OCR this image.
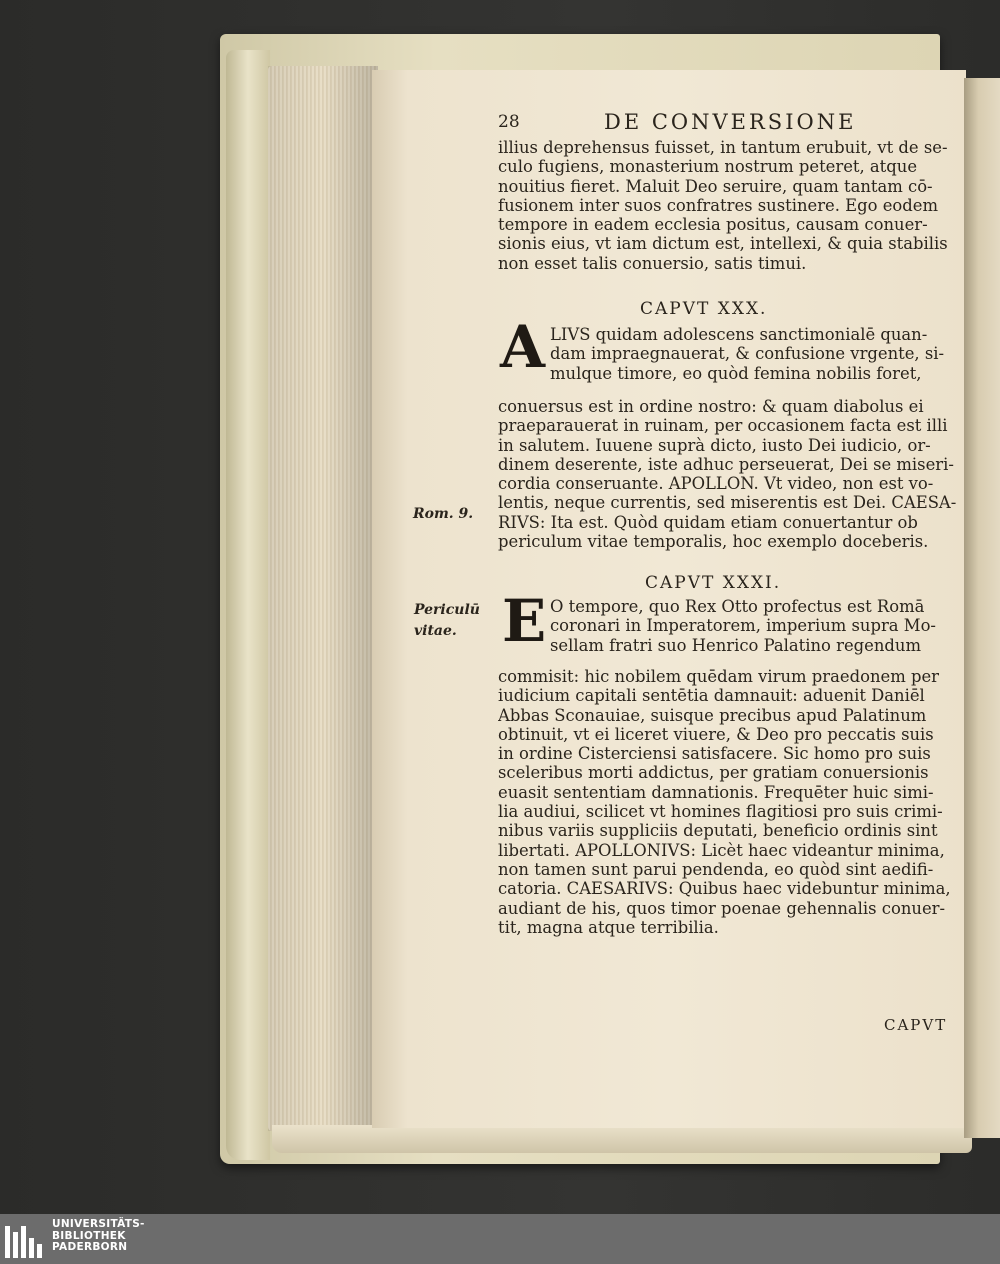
28	DE CONVERSIONE
illius deprehensus fuisset, in tantum erubuit, vt de se-
culo fugiens, monasterium nostrum peteret, atque
nouitius fieret. Maluit Deo seruire, quam tantam cō-
fusionem inter suos confratres sustinere. Ego eodem
tempore in eadem ecclesia positus, causam conuer-
sionis eius, vt iam dictum est, intellexi, & quia stabilis
non esset talis conuersio, satis timui.
CAPVT XXX.
A LIVS quidam adolescens sanctimonialē quan-
dam impraegnauerat, & confusione vrgente, si-
mulque timore, eo quòd femina nobilis foret,
conuersus est in ordine nostro: & quam diabolus ei
praeparauerat in ruinam, per occasionem facta est illi
in salutem. Iuuene suprà dicto, iusto Dei iudicio, or-
dinem deserente, iste adhuc perseuerat, Dei se miseri-
cordia conseruante. APOLLON. Vt video, non est vo-
lentis, neque currentis, sed miserentis est Dei. CAESA-
RIVS: Ita est. Quòd quidam etiam conuertantur ob
periculum vitae temporalis, hoc exemplo doceberis.
Rom. 9.
CAPVT XXXI.
E O tempore, quo Rex Otto profectus est Romā
coronari in Imperatorem, imperium supra Mo-
sellam fratri suo Henrico Palatino regendum
commisit: hic nobilem quēdam virum praedonem per
iudicium capitali sentētia damnauit: aduenit Daniēl
Abbas Sconauiae, suisque precibus apud Palatinum
obtinuit, vt ei liceret viuere, & Deo pro peccatis suis
in ordine Cisterciensi satisfacere. Sic homo pro suis
sceleribus morti addictus, per gratiam conuersionis
euasit sententiam damnationis. Frequēter huic simi-
lia audiui, scilicet vt homines flagitiosi pro suis crimi-
nibus variis suppliciis deputati, beneficio ordinis sint
libertati. APOLLONIVS: Licèt haec videantur minima,
non tamen sunt parui pendenda, eo quòd sint aedifi-
catoria. CAESARIVS: Quibus haec videbuntur minima,
audiant de his, quos timor poenae gehennalis conuer-
tit, magna atque terribilia.
Periculū
vitae.
CAPVT
UNIVERSITÄTS-
BIBLIOTHEK
PADERBORN
